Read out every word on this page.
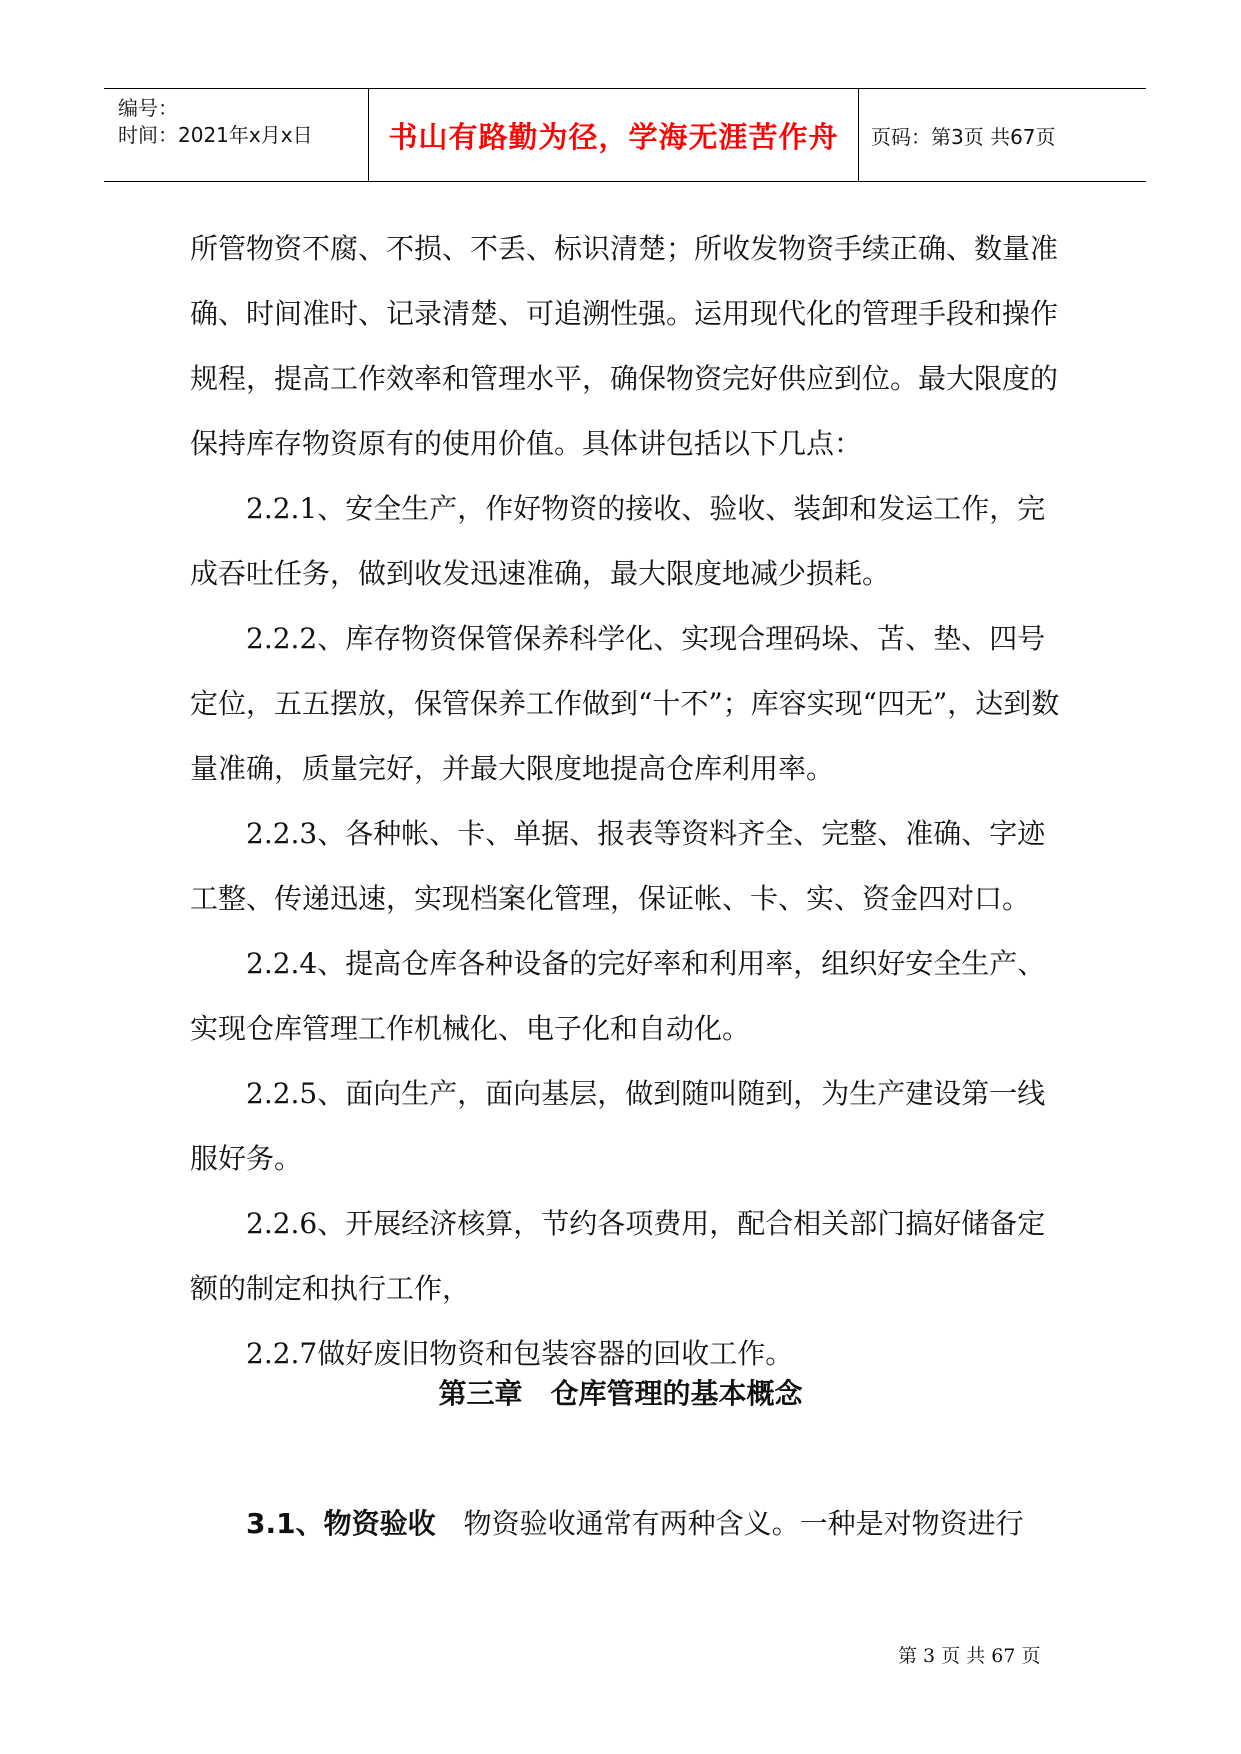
编号：
时间：2021年x月x日	书山有路勤为径，学海无涯苦作舟	页码：第3页 共67页

所管物资不腐、不损、不丢、标识清楚；所收发物资手续正确、数量准确、时间准时、记录清楚、可追溯性强。运用现代化的管理手段和操作规程，提高工作效率和管理水平，确保物资完好供应到位。最大限度的保持库存物资原有的使用价值。具体讲包括以下几点：

2.2.1、安全生产，作好物资的接收、验收、装卸和发运工作，完成吞吐任务，做到收发迅速准确，最大限度地减少损耗。

2.2.2、库存物资保管保养科学化、实现合理码垛、苫、垫、四号定位，五五摆放，保管保养工作做到“十不”；库容实现“四无”，达到数量准确，质量完好，并最大限度地提高仓库利用率。

2.2.3、各种帐、卡、单据、报表等资料齐全、完整、准确、字迹工整、传递迅速，实现档案化管理，保证帐、卡、实、资金四对口。

2.2.4、提高仓库各种设备的完好率和利用率，组织好安全生产、实现仓库管理工作机械化、电子化和自动化。

2.2.5、面向生产，面向基层，做到随叫随到，为生产建设第一线服好务。

2.2.6、开展经济核算，节约各项费用，配合相关部门搞好储备定额的制定和执行工作，

2.2.7做好废旧物资和包装容器的回收工作。

第三章　仓库管理的基本概念
3.1、物资验收　物资验收通常有两种含义。一种是对物资进行
第 3 页 共 67 页
